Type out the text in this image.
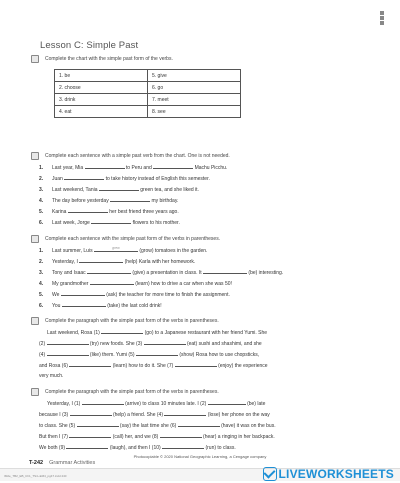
Lesson C: Simple Past
Complete the chart with the simple past form of the verbs.
1. be	5. give
2. choose	6. go
3. drink	7. meet
4. eat	8. see
Complete each sentence with a simple past verb from the chart. One is not needed.
1. Last year, Mia	to Peru and	Machu Picchu.
2. Juan	to take history instead of English this semester.
3. Last weekend, Tania	green tea, and she liked it.
4. The day before yesterday	my birthday.
5. Karina	her best friend three years ago.
6. Last week, Jorge	flowers to his mother.
Complete each sentence with the simple past form of the verbs in parentheses.
1. Last summer, Luis	grew	(grow) tomatoes in the garden.
2. Yesterday, I	(help) Karla with her homework.
3. Tony and Isaac	(give) a presentation in class. It	(be) interesting.
4. My grandmother	(learn) how to drive a car when she was 50!
5. We	(ask) the teacher for more time to finish the assignment.
6. You	(take) the last cold drink!
Complete the paragraph with the simple past form of the verbs in parentheses.
Last weekend, Rosa (1)	(go) to a Japanese restaurant with her friend Yumi. She
(2)	(try) new foods. She (3)	(eat) sushi and shashimi, and she
(4)	(like) them. Yumi (5)	(show) Rosa how to use chopsticks,
and Rosa (6)	(learn) how to do it. She (7)	(enjoy) the experience
very much.
Complete the paragraph with the simple past form of the verbs in parentheses.
Yesterday, I (1)	(arrive) to class 10 minutes late. I (2)	(be) late
because I (3)	(help) a friend. She (4)	(lose) her phone on the way
to class. She (5)	(say) the last time she (6)	(have) it was on the bus.
But then I (7)	(call) her, and we (8)	(hear) a ringing in her backpack.
We both (9)	(laugh), and then I (10)	(run) to class.
Photocopiable © 2020 National Geographic Learning, a Cengage company
T-242 Grammar Activities
IM2e_TB2_EB_Ch1_TS4~EM4_pg47.indd 240	LIVEWORKSHEETS
